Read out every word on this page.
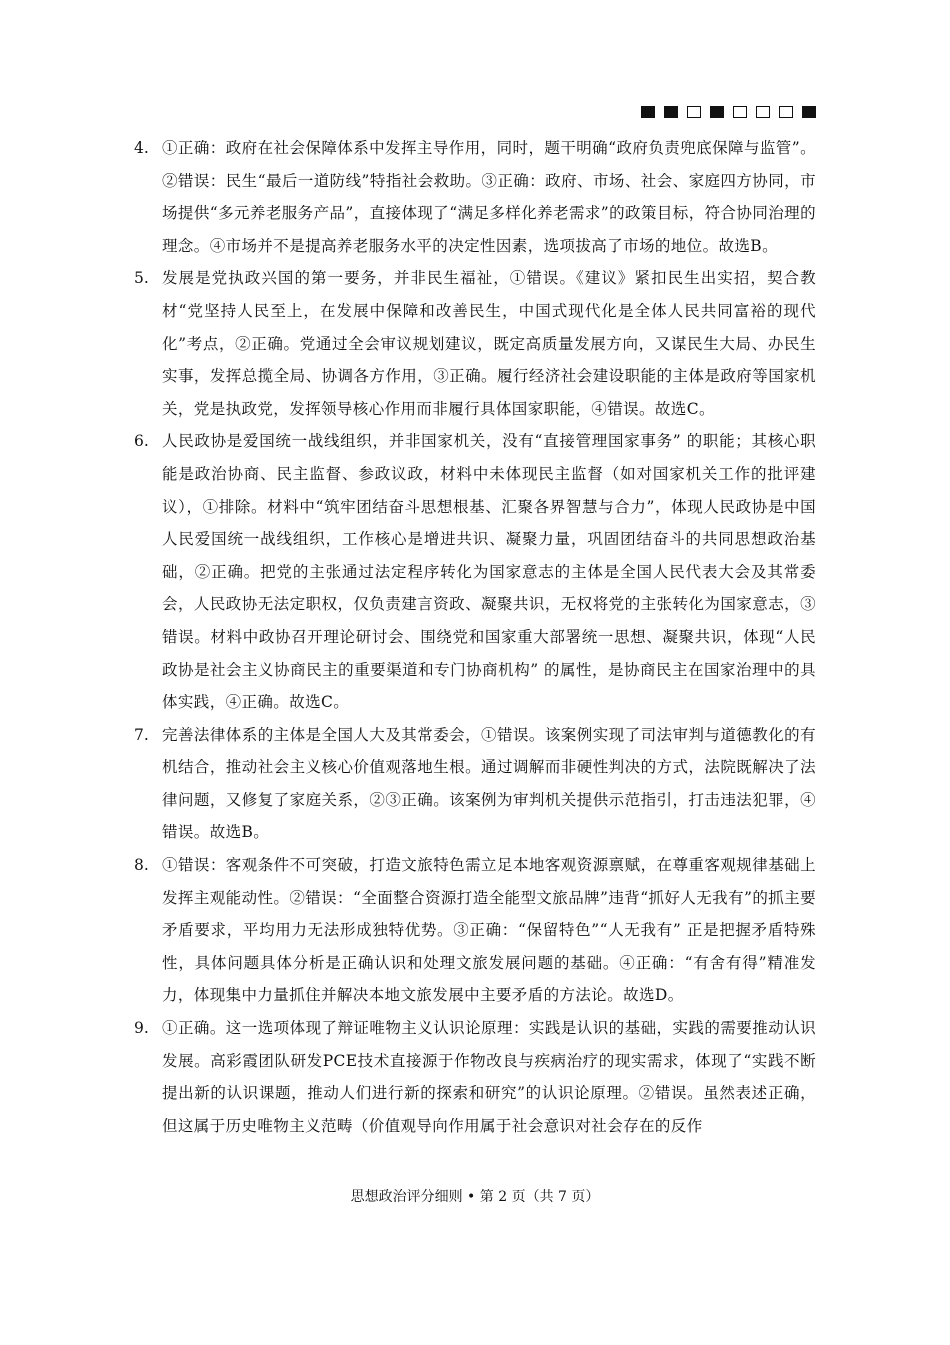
4. ①正确：政府在社会保障体系中发挥主导作用，同时，题干明确“政府负责兜底保障与监管”。②错误：民生“最后一道防线”特指社会救助。③正确：政府、市场、社会、家庭四方协同，市场提供“多元养老服务产品”，直接体现了“满足多样化养老需求”的政策目标，符合协同治理的理念。④市场并不是提高养老服务水平的决定性因素，选项拔高了市场的地位。故选B。
5. 发展是党执政兴国的第一要务，并非民生福祉，①错误。《建议》紧扣民生出实招，契合教材“党坚持人民至上，在发展中保障和改善民生，中国式现代化是全体人民共同富裕的现代化”考点，②正确。党通过全会审议规划建议，既定高质量发展方向，又谋民生大局、办民生实事，发挥总揽全局、协调各方作用，③正确。履行经济社会建设职能的主体是政府等国家机关，党是执政党，发挥领导核心作用而非履行具体国家职能，④错误。故选C。
6. 人民政协是爱国统一战线组织，并非国家机关，没有“直接管理国家事务” 的职能；其核心职能是政治协商、民主监督、参政议政，材料中未体现民主监督（如对国家机关工作的批评建议），①排除。材料中“筑牢团结奋斗思想根基、汇聚各界智慧与合力”，体现人民政协是中国人民爱国统一战线组织，工作核心是增进共识、凝聚力量，巩固团结奋斗的共同思想政治基础，②正确。把党的主张通过法定程序转化为国家意志的主体是全国人民代表大会及其常委会，人民政协无法定职权，仅负责建言资政、凝聚共识，无权将党的主张转化为国家意志，③错误。材料中政协召开理论研讨会、围绕党和国家重大部署统一思想、凝聚共识，体现“人民政协是社会主义协商民主的重要渠道和专门协商机构” 的属性，是协商民主在国家治理中的具体实践，④正确。故选C。
7. 完善法律体系的主体是全国人大及其常委会，①错误。该案例实现了司法审判与道德教化的有机结合，推动社会主义核心价值观落地生根。通过调解而非硬性判决的方式，法院既解决了法律问题，又修复了家庭关系，②③正确。该案例为审判机关提供示范指引，打击违法犯罪，④错误。故选B。
8. ①错误：客观条件不可突破，打造文旅特色需立足本地客观资源禀赋，在尊重客观规律基础上发挥主观能动性。②错误：“全面整合资源打造全能型文旅品牌”违背“抓好人无我有”的抓主要矛盾要求，平均用力无法形成独特优势。③正确：“保留特色”“人无我有” 正是把握矛盾特殊性，具体问题具体分析是正确认识和处理文旅发展问题的基础。④正确：“有舍有得”精准发力，体现集中力量抓住并解决本地文旅发展中主要矛盾的方法论。故选D。
9. ①正确。这一选项体现了辩证唯物主义认识论原理：实践是认识的基础，实践的需要推动认识发展。高彩霞团队研发PCE技术直接源于作物改良与疾病治疗的现实需求，体现了“实践不断提出新的认识课题，推动人们进行新的探索和研究”的认识论原理。②错误。虽然表述正确，但这属于历史唯物主义范畴（价值观导向作用属于社会意识对社会存在的反作
思想政治评分细则 • 第 2 页（共 7 页）
